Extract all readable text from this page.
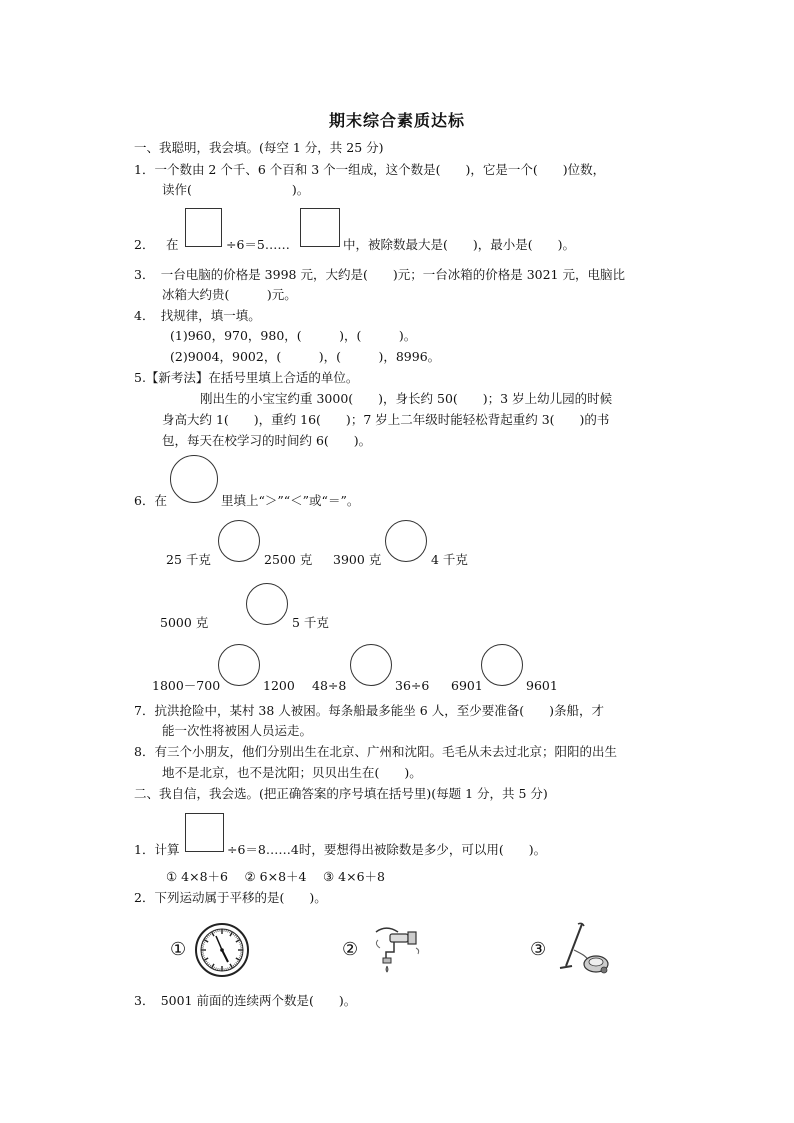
期末综合素质达标
一、我聪明，我会填。(每空 1 分，共 25 分)
1．一个数由 2 个千、6 个百和 3 个一组成，这个数是(　　)，它是一个(　　)位数，
读作(　　　　　　　　)。
2． 在	÷6＝5……	中，被除数最大是(　　)，最小是(　　)。
3．　一台电脑的价格是 3998 元，大约是(　　)元；一台冰箱的价格是 3021 元，电脑比
冰箱大约贵(　　　)元。
4．　找规律，填一填。
(1)960，970，980，(　　　)，(　　　)。
(2)9004，9002，(　　　)，(　　　)，8996。
5.【新考法】在括号里填上合适的单位。
刚出生的小宝宝约重 3000(　　)，身长约 50(　　)；3 岁上幼儿园的时候
身高大约 1(　　)，重约 16(　　)；7 岁上二年级时能轻松背起重约 3(　　)的书
包，每天在校学习的时间约 6(　　)。
6．在	里填上“＞”“＜”或“＝”。
25 千克	2500 克 3900 克	4 千克
5000 克	5 千克
1800－700	1200 48÷8	36÷6 6901	9601
7．抗洪抢险中，某村 38 人被困。每条船最多能坐 6 人，至少要准备(　　)条船，才
能一次性将被困人员运走。
8．有三个小朋友，他们分别出生在北京、广州和沈阳。毛毛从未去过北京；阳阳的出生
地不是北京，也不是沈阳；贝贝出生在(　　)。
二、我自信，我会选。(把正确答案的序号填在括号里)(每题 1 分，共 5 分)
1．计算	÷6＝8……4时，要想得出被除数是多少，可以用(　　)。
① 4×8＋6　 ② 6×8＋4　 ③ 4×6＋8
2．下列运动属于平移的是(　　)。
①	②	③
3．　5001 前面的连续两个数是(　　)。
